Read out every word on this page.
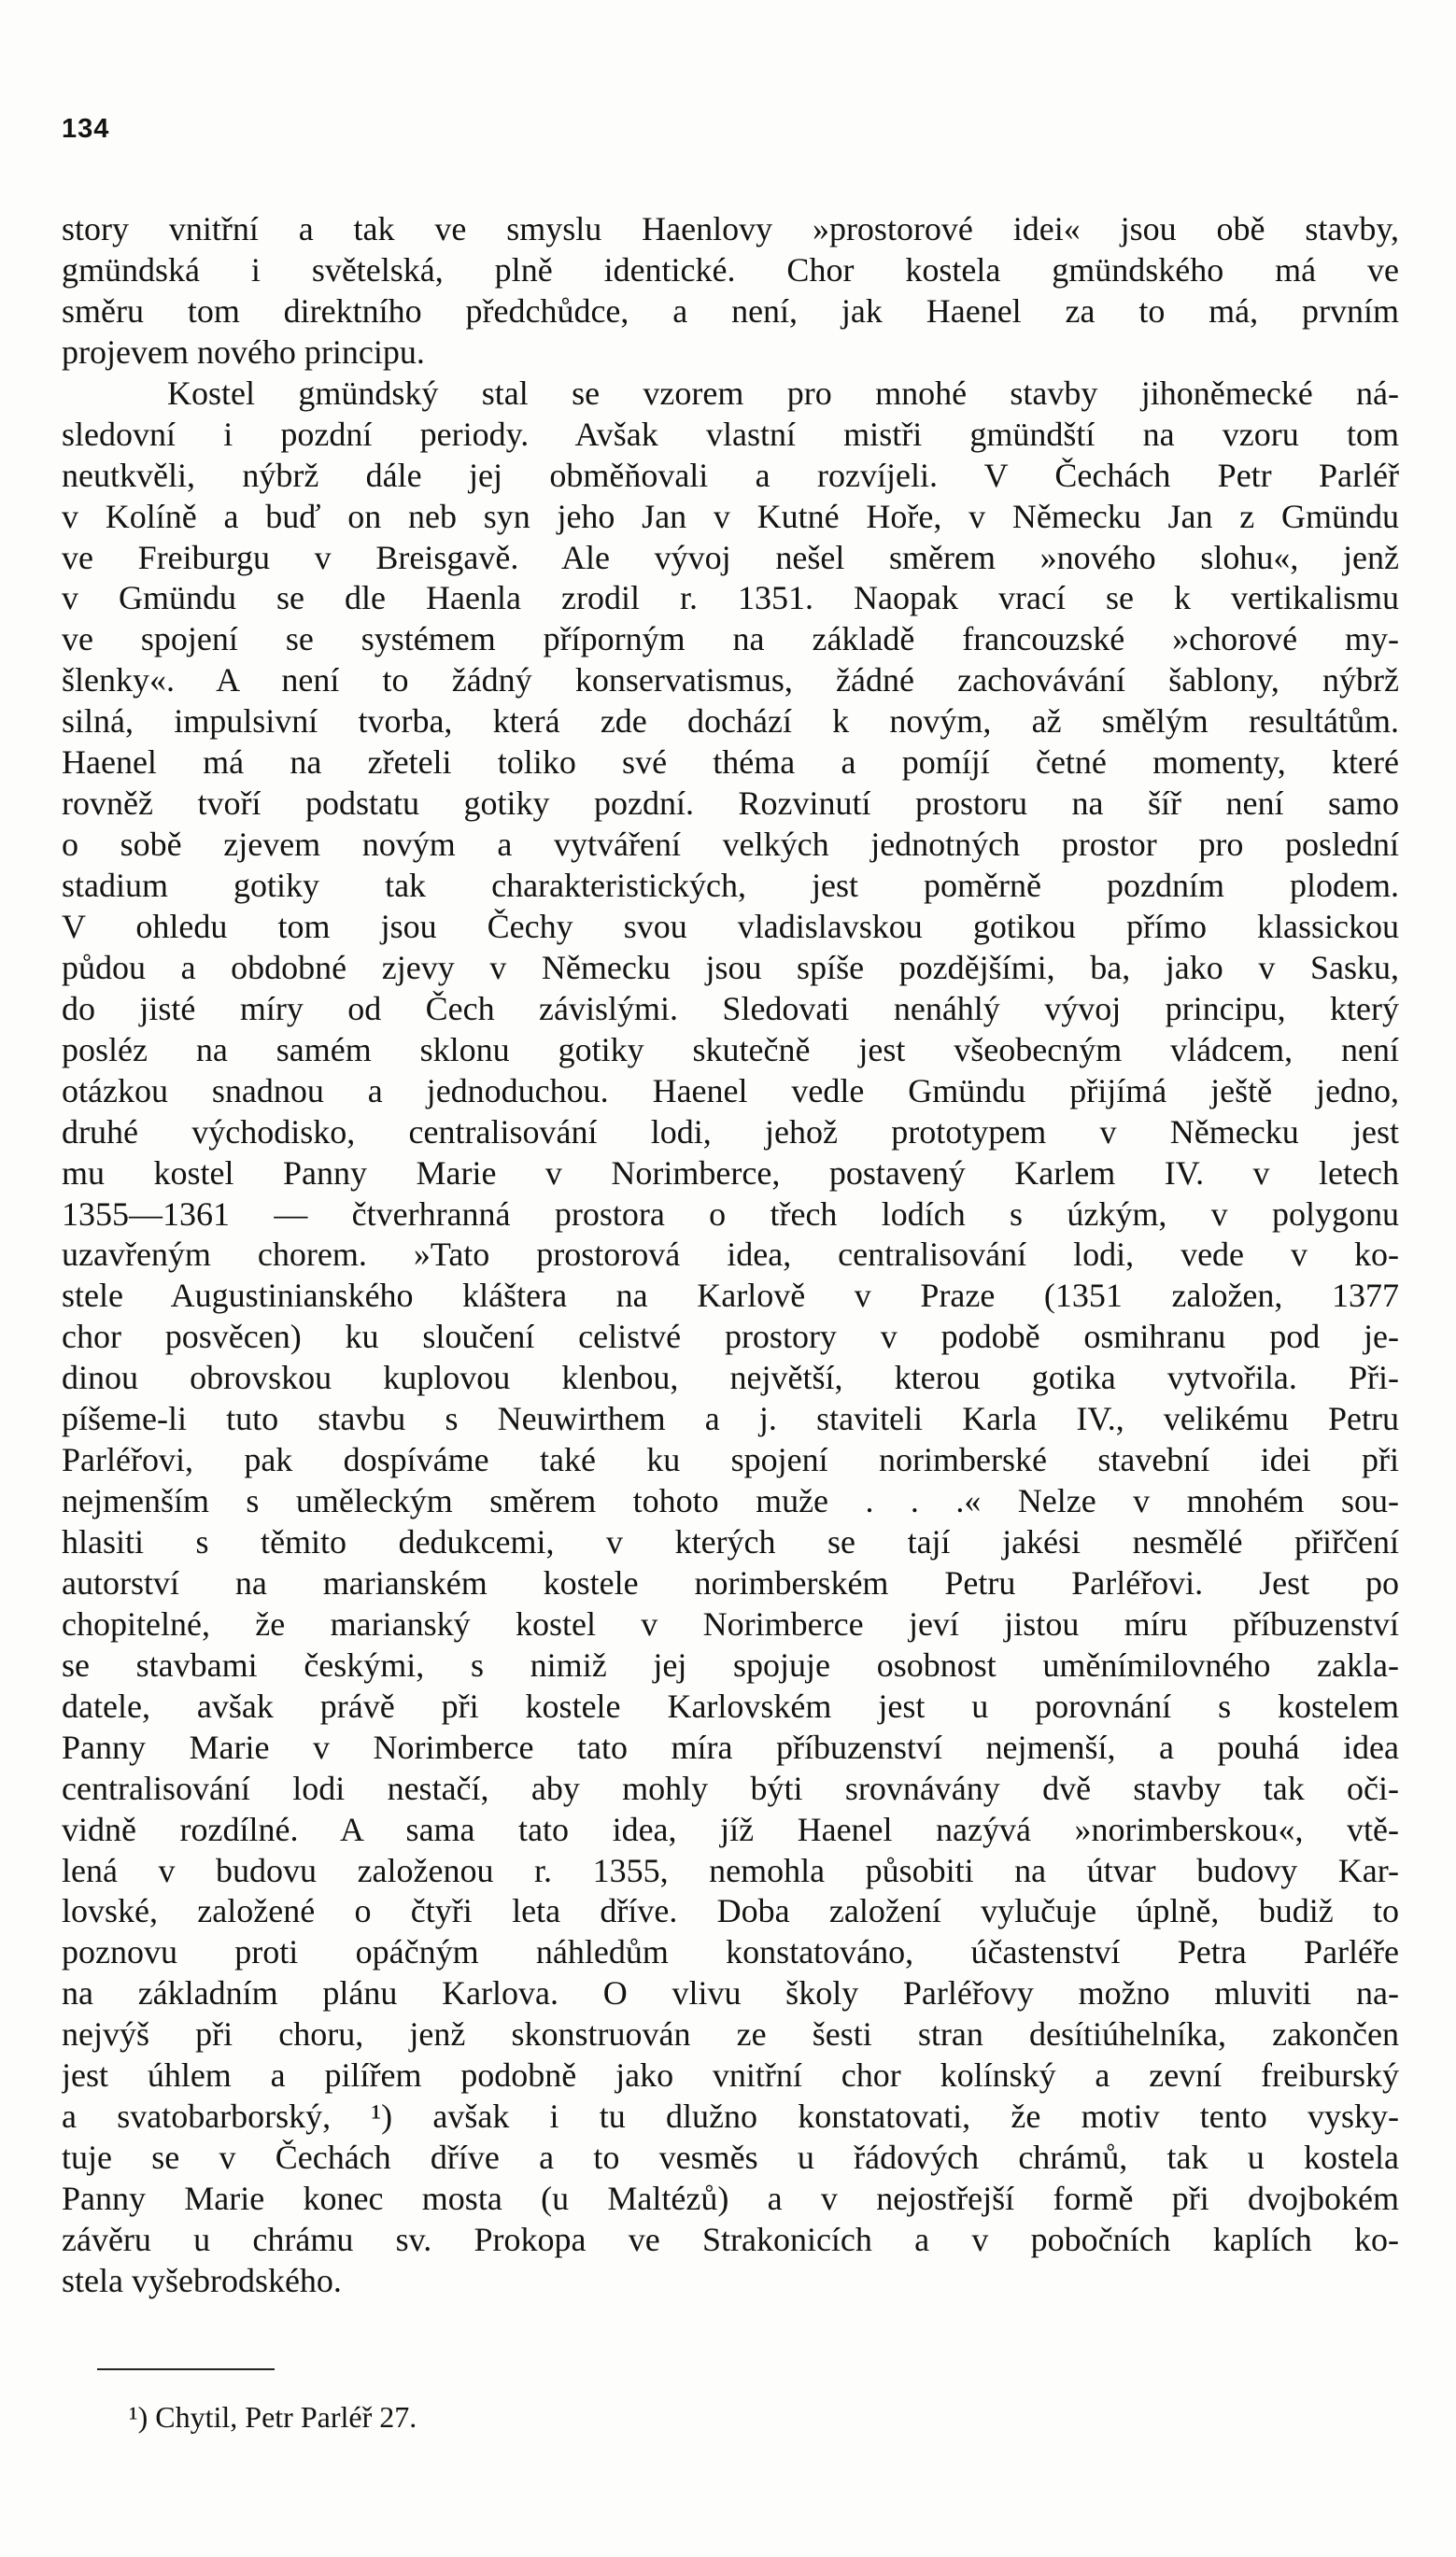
134
story vnitřní a tak ve smyslu Haenlovy »prostorové idei« jsou obě stavby,
gmündská i světelská, plně identické. Chor kostela gmündského má ve
směru tom direktního předchůdce, a není, jak Haenel za to má, prvním
projevem nového principu.
Kostel gmündský stal se vzorem pro mnohé stavby jihoněmecké ná-
sledovní i pozdní periody. Avšak vlastní mistři gmündští na vzoru tom
neutkvěli, nýbrž dále jej obměňovali a rozvíjeli. V Čechách Petr Parléř
v Kolíně a buď on neb syn jeho Jan v Kutné Hoře, v Německu Jan z Gmündu
ve Freiburgu v Breisgavě. Ale vývoj nešel směrem »nového slohu«, jenž
v Gmündu se dle Haenla zrodil r. 1351. Naopak vrací se k vertikalismu
ve spojení se systémem příporným na základě francouzské »chorové my-
šlenky«. A není to žádný konservatismus, žádné zachovávání šablony, nýbrž
silná, impulsivní tvorba, která zde dochází k novým, až smělým resultátům.
Haenel má na zřeteli toliko své théma a pomíjí četné momenty, které
rovněž tvoří podstatu gotiky pozdní. Rozvinutí prostoru na šíř není samo
o sobě zjevem novým a vytváření velkých jednotných prostor pro poslední
stadium gotiky tak charakteristických, jest poměrně pozdním plodem.
V ohledu tom jsou Čechy svou vladislavskou gotikou přímo klassickou
půdou a obdobné zjevy v Německu jsou spíše pozdějšími, ba, jako v Sasku,
do jisté míry od Čech závislými. Sledovati nenáhlý vývoj principu, který
posléz na samém sklonu gotiky skutečně jest všeobecným vládcem, není
otázkou snadnou a jednoduchou. Haenel vedle Gmündu přijímá ještě jedno,
druhé východisko, centralisování lodi, jehož prototypem v Německu jest
mu kostel Panny Marie v Norimberce, postavený Karlem IV. v letech
1355—1361 — čtverhranná prostora o třech lodích s úzkým, v polygonu
uzavřeným chorem. »Tato prostorová idea, centralisování lodi, vede v ko-
stele Augustinianského kláštera na Karlově v Praze (1351 založen, 1377
chor posvěcen) ku sloučení celistvé prostory v podobě osmihranu pod je-
dinou obrovskou kuplovou klenbou, největší, kterou gotika vytvořila. Při-
píšeme-li tuto stavbu s Neuwirthem a j. staviteli Karla IV., velikému Petru
Parléřovi, pak dospíváme také ku spojení norimberské stavební idei při
nejmenším s uměleckým směrem tohoto muže . . .« Nelze v mnohém sou-
hlasiti s těmito dedukcemi, v kterých se tají jakési nesmělé přiřčení
autorství na marianském kostele norimberském Petru Parléřovi. Jest po
chopitelné, že marianský kostel v Norimberce jeví jistou míru příbuzenství
se stavbami českými, s nimiž jej spojuje osobnost uměnímilovného zakla-
datele, avšak právě při kostele Karlovském jest u porovnání s kostelem
Panny Marie v Norimberce tato míra příbuzenství nejmenší, a pouhá idea
centralisování lodi nestačí, aby mohly býti srovnávány dvě stavby tak oči-
vidně rozdílné. A sama tato idea, jíž Haenel nazývá »norimberskou«, vtě-
lená v budovu založenou r. 1355, nemohla působiti na útvar budovy Kar-
lovské, založené o čtyři leta dříve. Doba založení vylučuje úplně, budiž to
poznovu proti opáčným náhledům konstatováno, účastenství Petra Parléře
na základním plánu Karlova. O vlivu školy Parléřovy možno mluviti na-
nejvýš při choru, jenž skonstruován ze šesti stran desítiúhelníka, zakončen
jest úhlem a pilířem podobně jako vnitřní chor kolínský a zevní freiburský
a svatobarborský, ¹) avšak i tu dlužno konstatovati, že motiv tento vysky-
tuje se v Čechách dříve a to vesměs u řádových chrámů, tak u kostela
Panny Marie konec mosta (u Maltézů) a v nejostřejší formě při dvojbokém
závěru u chrámu sv. Prokopa ve Strakonicích a v pobočních kaplích ko-
stela vyšebrodského.
¹) Chytil, Petr Parléř 27.
